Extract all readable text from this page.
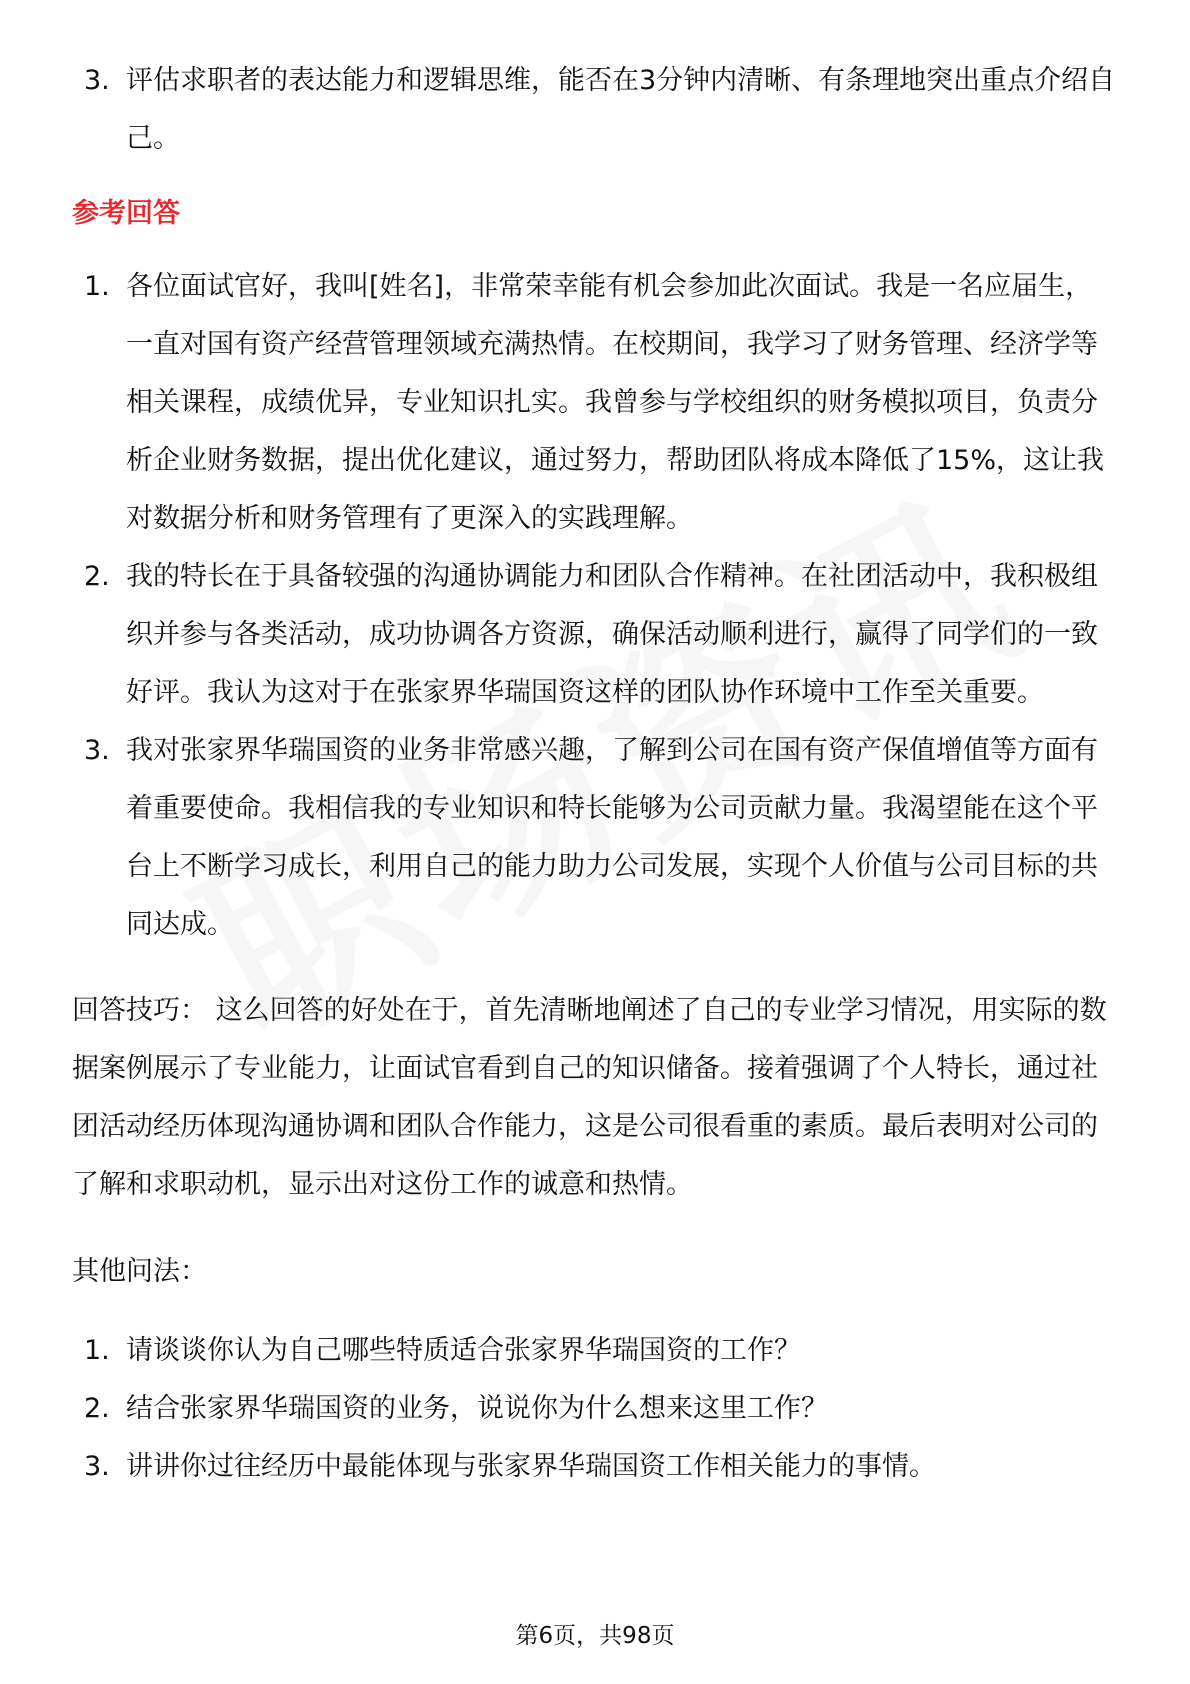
3. 评估求职者的表达能力和逻辑思维，能否在3分钟内清晰、有条理地突出重点介绍自己。
参考回答
1. 各位面试官好，我叫[姓名]，非常荣幸能有机会参加此次面试。我是一名应届生，一直对国有资产经营管理领域充满热情。在校期间，我学习了财务管理、经济学等相关课程，成绩优异，专业知识扎实。我曾参与学校组织的财务模拟项目，负责分析企业财务数据，提出优化建议，通过努力，帮助团队将成本降低了15%，这让我对数据分析和财务管理有了更深入的实践理解。
2. 我的特长在于具备较强的沟通协调能力和团队合作精神。在社团活动中，我积极组织并参与各类活动，成功协调各方资源，确保活动顺利进行，赢得了同学们的一致好评。我认为这对于在张家界华瑞国资这样的团队协作环境中工作至关重要。
3. 我对张家界华瑞国资的业务非常感兴趣，了解到公司在国有资产保值增值等方面有着重要使命。我相信我的专业知识和特长能够为公司贡献力量。我渴望能在这个平台上不断学习成长，利用自己的能力助力公司发展，实现个人价值与公司目标的共同达成。

回答技巧： 这么回答的好处在于，首先清晰地阐述了自己的专业学习情况，用实际的数据案例展示了专业能力，让面试官看到自己的知识储备。接着强调了个人特长，通过社团活动经历体现沟通协调和团队合作能力，这是公司很看重的素质。最后表明对公司的了解和求职动机，显示出对这份工作的诚意和热情。

其他问法：
1. 请谈谈你认为自己哪些特质适合张家界华瑞国资的工作？
2. 结合张家界华瑞国资的业务，说说你为什么想来这里工作？
3. 讲讲你过往经历中最能体现与张家界华瑞国资工作相关能力的事情。
第6页，共98页
